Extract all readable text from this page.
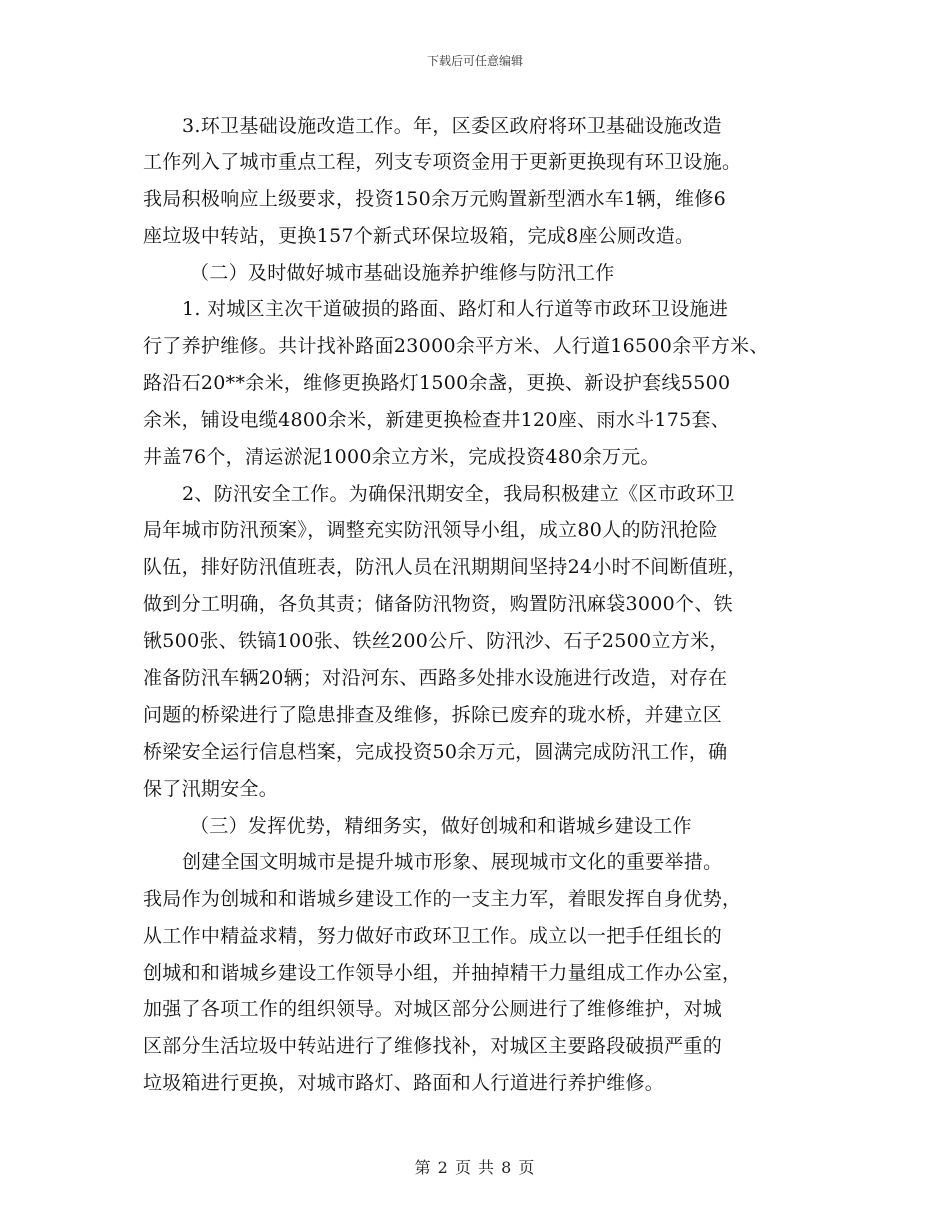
下载后可任意编辑
3.环卫基础设施改造工作。年，区委区政府将环卫基础设施改造
工作列入了城市重点工程，列支专项资金用于更新更换现有环卫设施。
我局积极响应上级要求，投资150余万元购置新型洒水车1辆，维修6
座垃圾中转站，更换157个新式环保垃圾箱，完成8座公厕改造。
（二）及时做好城市基础设施养护维修与防汛工作
1. 对城区主次干道破损的路面、路灯和人行道等市政环卫设施进
行了养护维修。共计找补路面23000余平方米、人行道16500余平方米、
路沿石20**余米，维修更换路灯1500余盏，更换、新设护套线5500
余米，铺设电缆4800余米，新建更换检查井120座、雨水斗175套、
井盖76个，清运淤泥1000余立方米，完成投资480余万元。
2、防汛安全工作。为确保汛期安全，我局积极建立《区市政环卫
局年城市防汛预案》，调整充实防汛领导小组，成立80人的防汛抢险
队伍，排好防汛值班表，防汛人员在汛期期间坚持24小时不间断值班，
做到分工明确，各负其责；储备防汛物资，购置防汛麻袋3000个、铁
锹500张、铁镐100张、铁丝200公斤、防汛沙、石子2500立方米，
准备防汛车辆20辆；对沿河东、西路多处排水设施进行改造，对存在
问题的桥梁进行了隐患排查及维修，拆除已废弃的珑水桥，并建立区
桥梁安全运行信息档案，完成投资50余万元，圆满完成防汛工作，确
保了汛期安全。
（三）发挥优势，精细务实，做好创城和和谐城乡建设工作
创建全国文明城市是提升城市形象、展现城市文化的重要举措。
我局作为创城和和谐城乡建设工作的一支主力军，着眼发挥自身优势，
从工作中精益求精，努力做好市政环卫工作。成立以一把手任组长的
创城和和谐城乡建设工作领导小组，并抽掉精干力量组成工作办公室，
加强了各项工作的组织领导。对城区部分公厕进行了维修维护，对城
区部分生活垃圾中转站进行了维修找补，对城区主要路段破损严重的
垃圾箱进行更换，对城市路灯、路面和人行道进行养护维修。
第 2 页 共 8 页
